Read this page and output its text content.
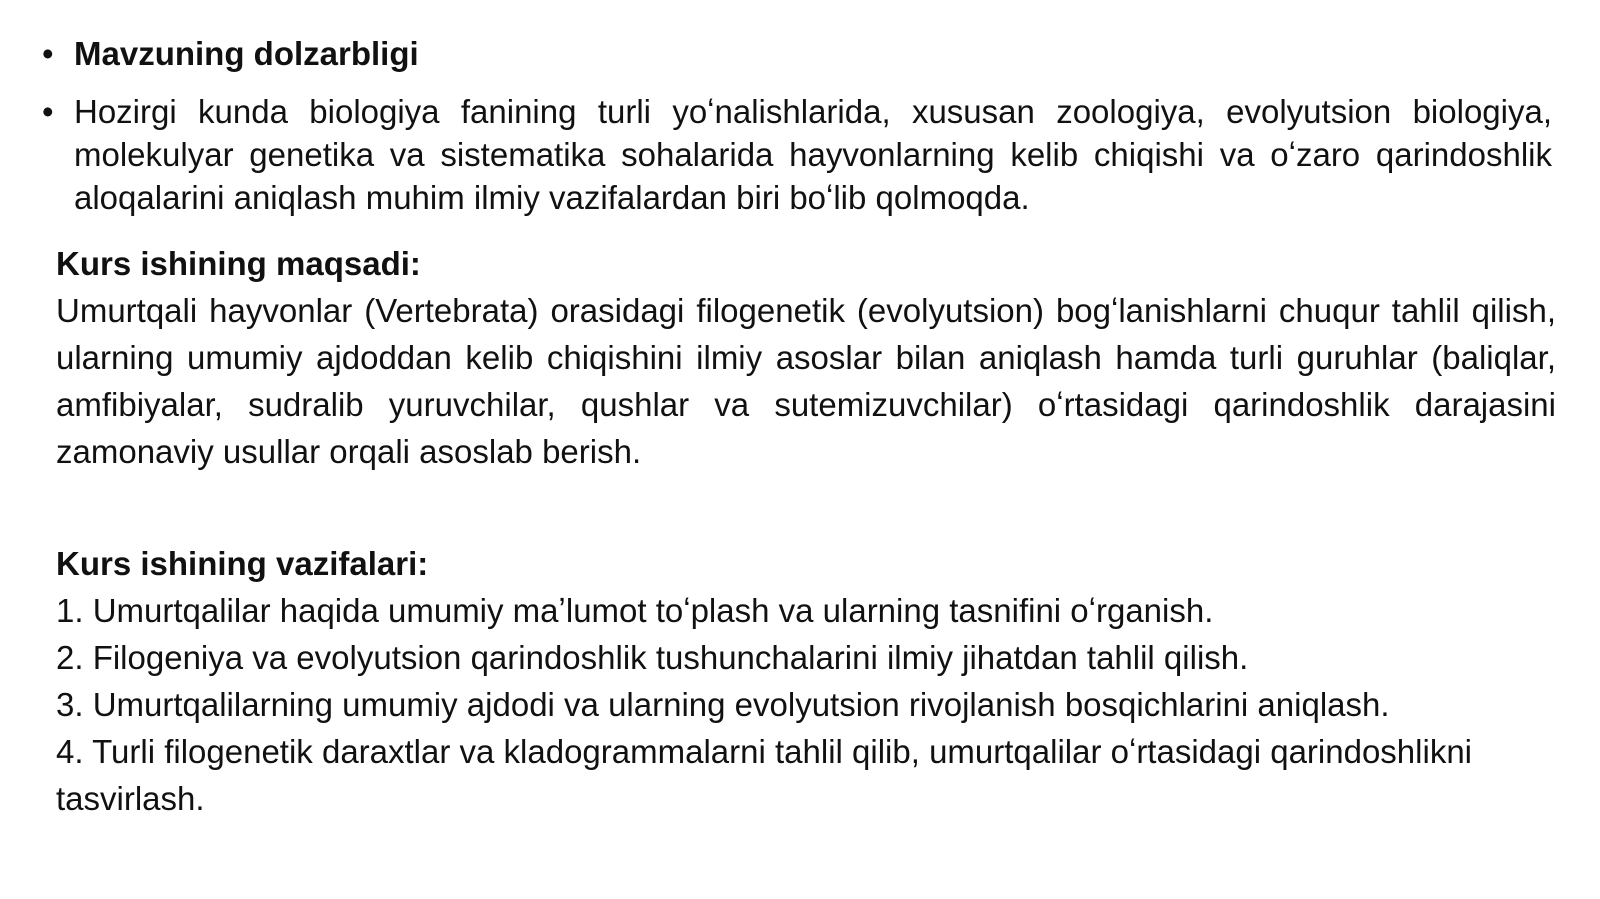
• Mavzuning dolzarbligi
• Hozirgi kunda biologiya fanining turli yoʻnalishlarida, xususan zoologiya, evolyutsion biologiya, molekulyar genetika va sistematika sohalarida hayvonlarning kelib chiqishi va oʻzaro qarindoshlik aloqalarini aniqlash muhim ilmiy vazifalardan biri boʻlib qolmoqda.
Kurs ishining maqsadi:
Umurtqali hayvonlar (Vertebrata) orasidagi filogenetik (evolyutsion) bogʻlanishlarni chuqur tahlil qilish, ularning umumiy ajdoddan kelib chiqishini ilmiy asoslar bilan aniqlash hamda turli guruhlar (baliqlar, amfibiyalar, sudralib yuruvchilar, qushlar va sutemizuvchilar) oʻrtasidagi qarindoshlik darajasini zamonaviy usullar orqali asoslab berish.
Kurs ishining vazifalari:
1. Umurtqalilar haqida umumiy maʼlumot toʻplash va ularning tasnifini oʻrganish.
2. Filogeniya va evolyutsion qarindoshlik tushunchalarini ilmiy jihatdan tahlil qilish.
3. Umurtqalilarning umumiy ajdodi va ularning evolyutsion rivojlanish bosqichlarini aniqlash.
4. Turli filogenetik daraxtlar va kladogrammalarni tahlil qilib, umurtqalilar oʻrtasidagi qarindoshlikni tasvirlash.
